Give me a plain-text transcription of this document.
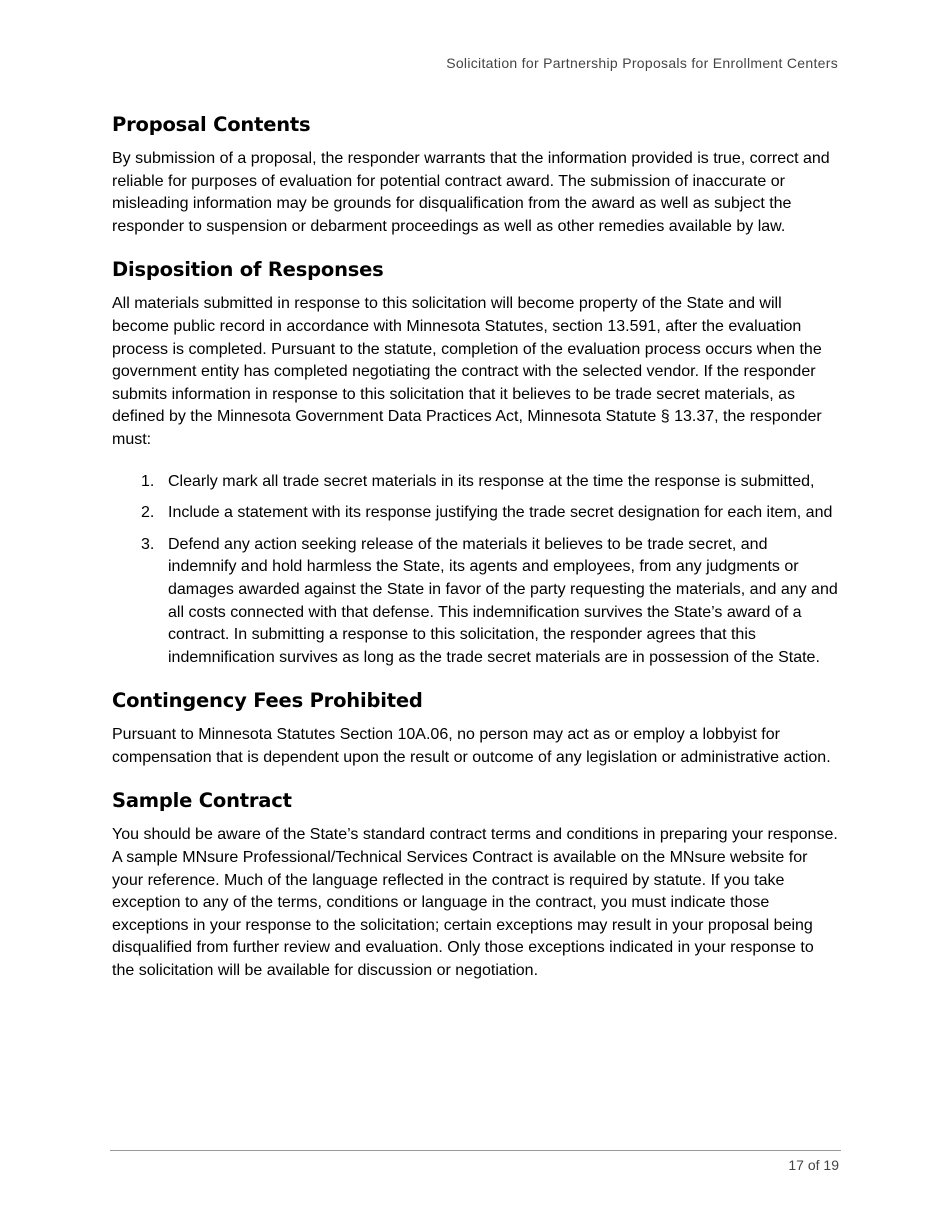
Solicitation for Partnership Proposals for Enrollment Centers
Proposal Contents

By submission of a proposal, the responder warrants that the information provided is true, correct and reliable for purposes of evaluation for potential contract award. The submission of inaccurate or misleading information may be grounds for disqualification from the award as well as subject the responder to suspension or debarment proceedings as well as other remedies available by law.

Disposition of Responses

All materials submitted in response to this solicitation will become property of the State and will become public record in accordance with Minnesota Statutes, section 13.591, after the evaluation process is completed. Pursuant to the statute, completion of the evaluation process occurs when the government entity has completed negotiating the contract with the selected vendor. If the responder submits information in response to this solicitation that it believes to be trade secret materials, as defined by the Minnesota Government Data Practices Act, Minnesota Statute § 13.37, the responder must:

1. Clearly mark all trade secret materials in its response at the time the response is submitted,
2. Include a statement with its response justifying the trade secret designation for each item, and
3. Defend any action seeking release of the materials it believes to be trade secret, and indemnify and hold harmless the State, its agents and employees, from any judgments or damages awarded against the State in favor of the party requesting the materials, and any and all costs connected with that defense. This indemnification survives the State’s award of a contract. In submitting a response to this solicitation, the responder agrees that this indemnification survives as long as the trade secret materials are in possession of the State.
Contingency Fees Prohibited

Pursuant to Minnesota Statutes Section 10A.06, no person may act as or employ a lobbyist for compensation that is dependent upon the result or outcome of any legislation or administrative action.

Sample Contract

You should be aware of the State’s standard contract terms and conditions in preparing your response. A sample MNsure Professional/Technical Services Contract is available on the MNsure website for your reference. Much of the language reflected in the contract is required by statute. If you take exception to any of the terms, conditions or language in the contract, you must indicate those exceptions in your response to the solicitation; certain exceptions may result in your proposal being disqualified from further review and evaluation. Only those exceptions indicated in your response to the solicitation will be available for discussion or negotiation.

17 of 19
